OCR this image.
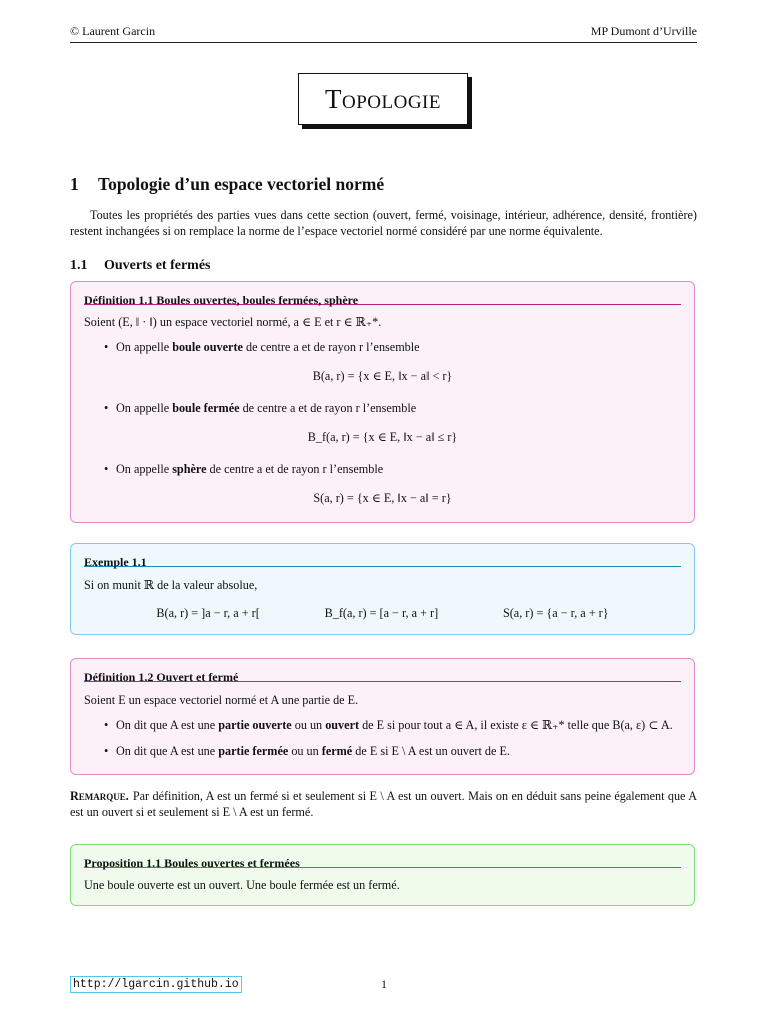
© Laurent Garcin	MP Dumont d’Urville
Topologie
1 Topologie d’un espace vectoriel normé
Toutes les propriétés des parties vues dans cette section (ouvert, fermé, voisinage, intérieur, adhérence, densité, frontière) restent inchangées si on remplace la norme de l’espace vectoriel normé considéré par une norme équivalente.
1.1 Ouverts et fermés
Définition 1.1 Boules ouvertes, boules fermées, sphère
Soient (E, ‖ · ‖) un espace vectoriel normé, a ∈ E et r ∈ ℝ₊*.
• On appelle boule ouverte de centre a et de rayon r l’ensemble
B(a, r) = {x ∈ E, ‖x − a‖ < r}
• On appelle boule fermée de centre a et de rayon r l’ensemble
B_f(a, r) = {x ∈ E, ‖x − a‖ ≤ r}
• On appelle sphère de centre a et de rayon r l’ensemble
S(a, r) = {x ∈ E, ‖x − a‖ = r}
Exemple 1.1
Si on munit ℝ de la valeur absolue,
B(a, r) = ]a − r, a + r[	B_f(a, r) = [a − r, a + r]	S(a, r) = {a − r, a + r}
Définition 1.2 Ouvert et fermé
Soient E un espace vectoriel normé et A une partie de E.
• On dit que A est une partie ouverte ou un ouvert de E si pour tout a ∈ A, il existe ε ∈ ℝ₊* telle que B(a, ε) ⊂ A.
• On dit que A est une partie fermée ou un fermé de E si E \ A est un ouvert de E.
Remarque. Par définition, A est un fermé si et seulement si E \ A est un ouvert. Mais on en déduit sans peine également que A est un ouvert si et seulement si E \ A est un fermé.
Proposition 1.1 Boules ouvertes et fermées
Une boule ouverte est un ouvert. Une boule fermée est un fermé.
http://lgarcin.github.io	1
